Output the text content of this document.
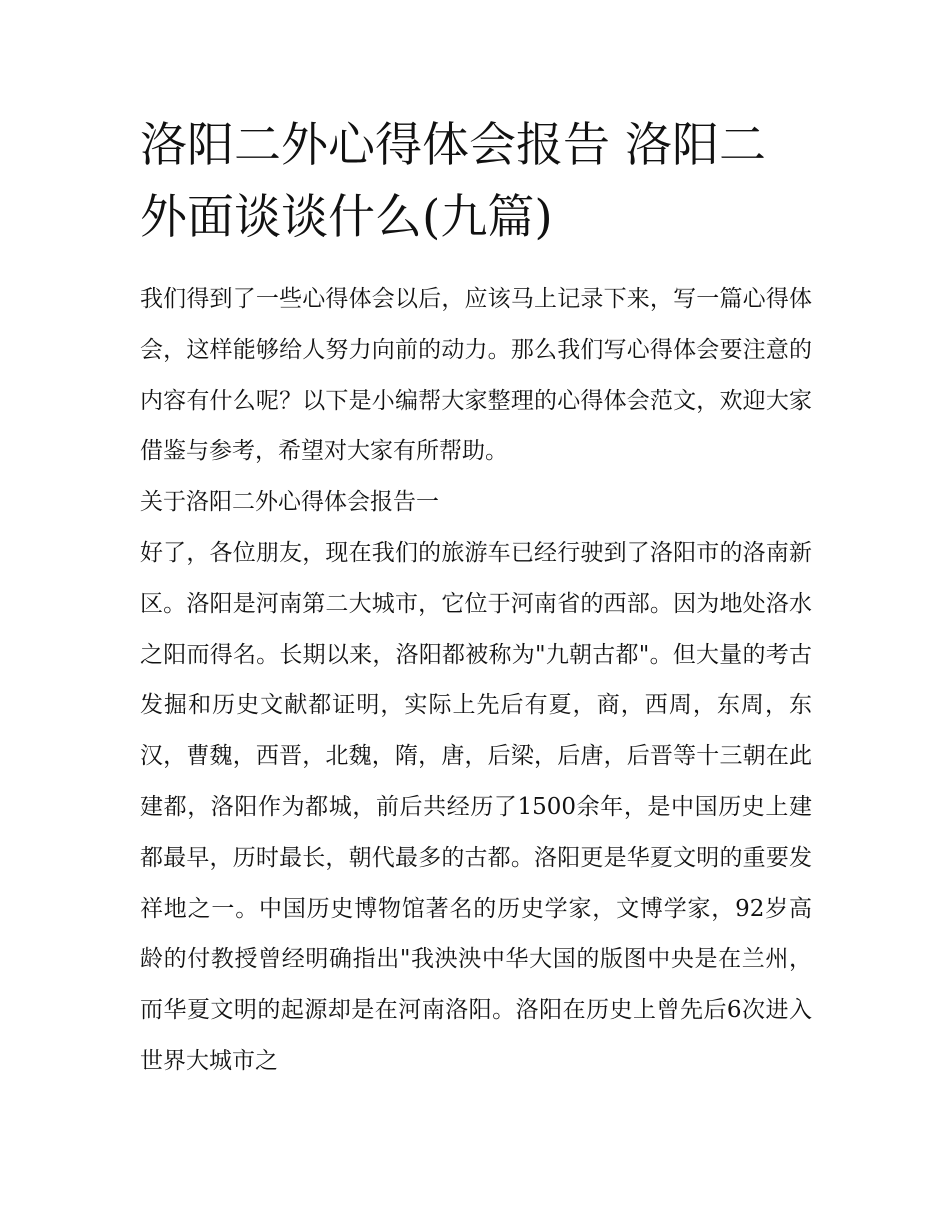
洛阳二外心得体会报告 洛阳二外面谈谈什么(九篇)

我们得到了一些心得体会以后，应该马上记录下来，写一篇心得体会，这样能够给人努力向前的动力。那么我们写心得体会要注意的内容有什么呢？以下是小编帮大家整理的心得体会范文，欢迎大家借鉴与参考，希望对大家有所帮助。

关于洛阳二外心得体会报告一

好了，各位朋友，现在我们的旅游车已经行驶到了洛阳市的洛南新区。洛阳是河南第二大城市，它位于河南省的西部。因为地处洛水之阳而得名。长期以来，洛阳都被称为"九朝古都"。但大量的考古发掘和历史文献都证明，实际上先后有夏，商，西周，东周，东汉，曹魏，西晋，北魏，隋，唐，后梁，后唐，后晋等十三朝在此建都，洛阳作为都城，前后共经历了1500余年，是中国历史上建都最早，历时最长，朝代最多的古都。洛阳更是华夏文明的重要发祥地之一。中国历史博物馆著名的历史学家，文博学家，92岁高龄的付教授曾经明确指出"我泱泱中华大国的版图中央是在兰州，而华夏文明的起源却是在河南洛阳。洛阳在历史上曾先后6次进入世界大城市之
